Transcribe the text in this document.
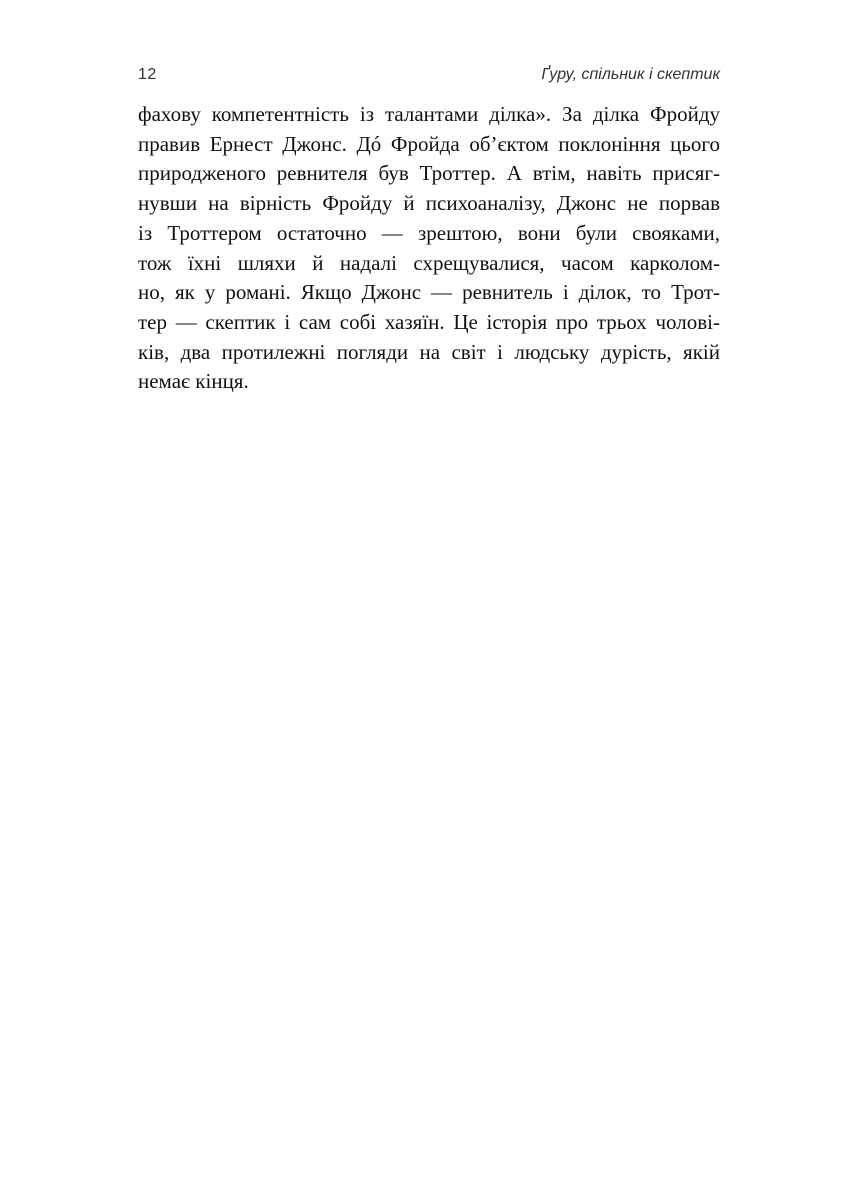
12	Ґуру, спільник і скептик
фахову компетентність із талантами ділка». За ділка Фройду
правив Ернест Джонс. Дó Фройда об’єктом поклоніння цього
природженого ревнителя був Троттер. А втім, навіть присяг-
нувши на вірність Фройду й психоаналізу, Джонс не порвав
із Троттером остаточно — зрештою, вони були свояками,
тож їхні шляхи й надалі схрещувалися, часом карколом-
но, як у романі. Якщо Джонс — ревнитель і ділок, то Трот-
тер — скептик і сам собі хазяїн. Це історія про трьох чолові-
ків, два протилежні погляди на світ і людську дурість, якій
немає кінця.
